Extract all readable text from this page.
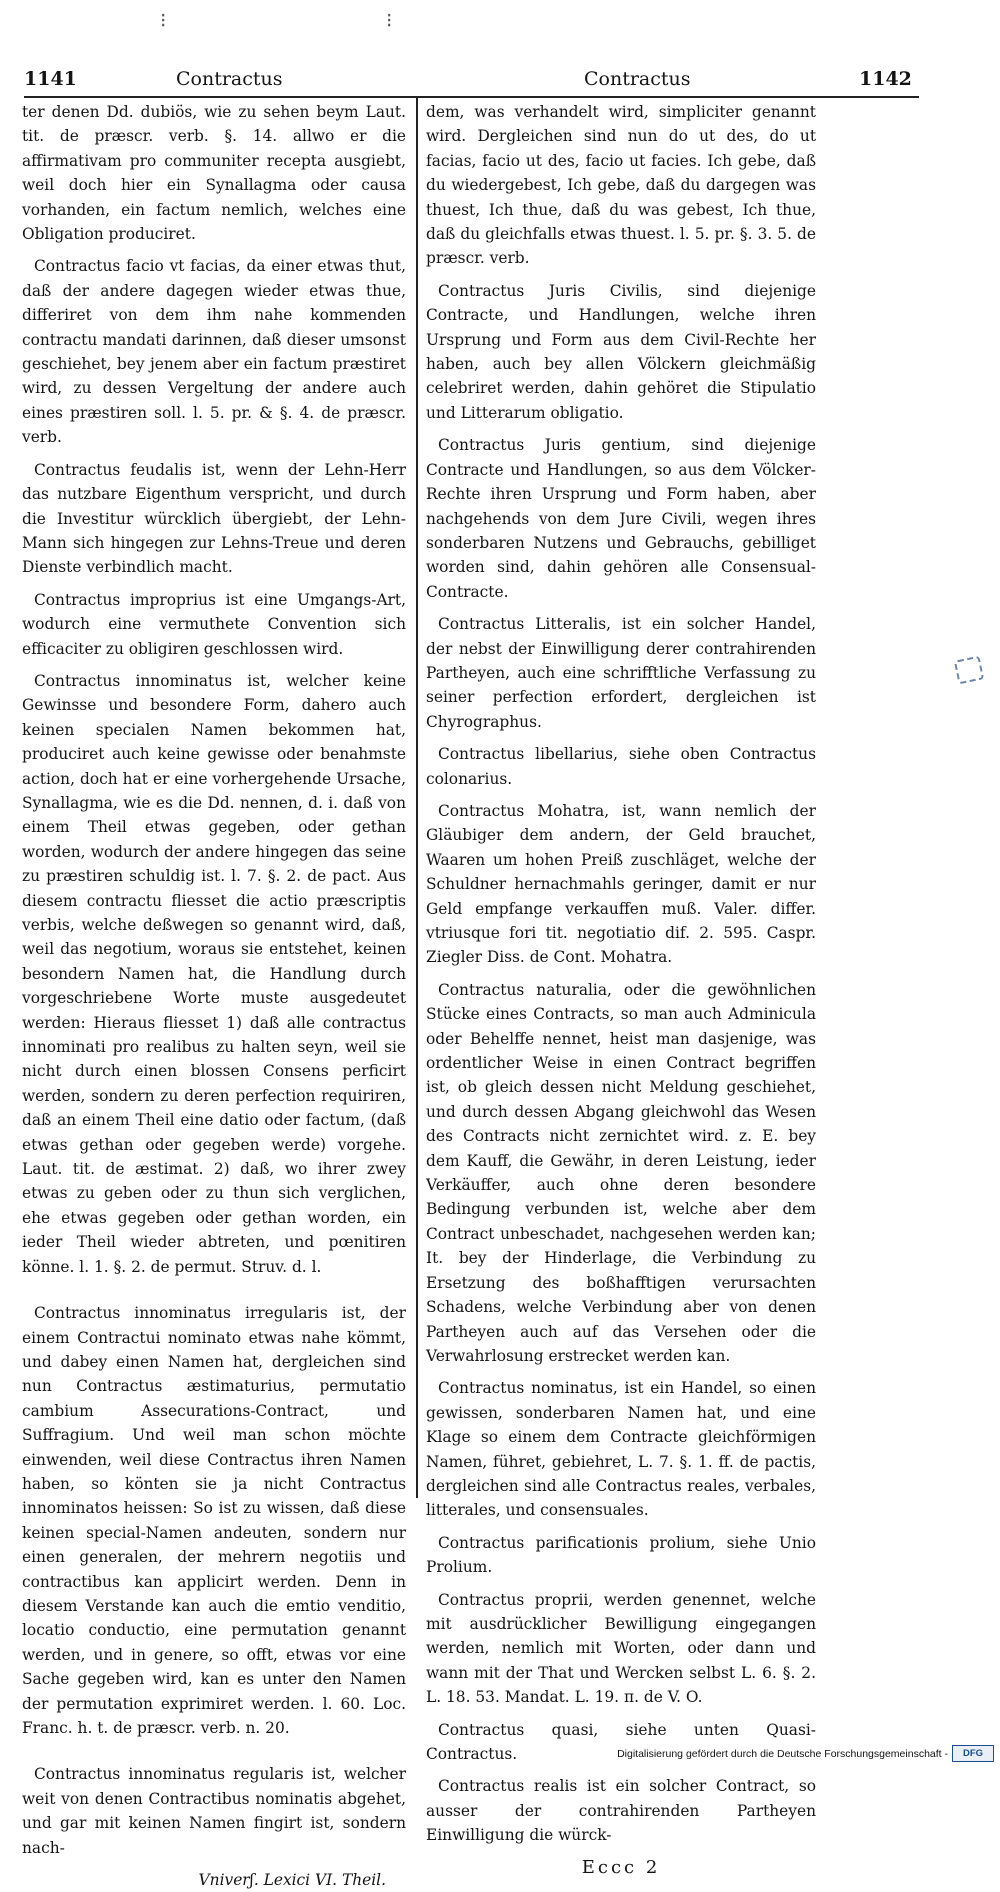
⁝	⁝
1141	Contractus	Contractus	1142

ter denen Dd. dubiös, wie zu sehen beym Laut. tit. de præscr. verb. §. 14. allwo er die affirmativam pro communiter recepta ausgiebt, weil doch hier ein Synallagma oder causa vorhanden, ein factum nemlich, welches eine Obligation produciret.

Contractus facio vt facias, da einer etwas thut, daß der andere dagegen wieder etwas thue, differiret von dem ihm nahe kommenden contractu mandati darinnen, daß dieser umsonst geschiehet, bey jenem aber ein factum præstiret wird, zu dessen Vergeltung der andere auch eines præstiren soll. l. 5. pr. & §. 4. de præscr. verb.

Contractus feudalis ist, wenn der Lehn-Herr das nutzbare Eigenthum verspricht, und durch die Investitur würcklich übergiebt, der Lehn-Mann sich hingegen zur Lehns-Treue und deren Dienste verbindlich macht.

Contractus improprius ist eine Umgangs-Art, wodurch eine vermuthete Convention sich efficaciter zu obligiren geschlossen wird.

Contractus innominatus ist, welcher keine Gewinsse und besondere Form, dahero auch keinen specialen Namen bekommen hat, produciret auch keine gewisse oder benahmste action, doch hat er eine vorhergehende Ursache, Synallagma, wie es die Dd. nennen, d. i. daß von einem Theil etwas gegeben, oder gethan worden, wodurch der andere hingegen das seine zu præstiren schuldig ist. l. 7. §. 2. de pact. Aus diesem contractu fliesset die actio præscriptis verbis, welche deßwegen so genannt wird, daß, weil das negotium, woraus sie entstehet, keinen besondern Namen hat, die Handlung durch vorgeschriebene Worte muste ausgedeutet werden: Hieraus fliesset 1) daß alle contractus innominati pro realibus zu halten seyn, weil sie nicht durch einen blossen Consens perficirt werden, sondern zu deren perfection requiriren, daß an einem Theil eine datio oder factum, (daß etwas gethan oder gegeben werde) vorgehe. Laut. tit. de æstimat. 2) daß, wo ihrer zwey etwas zu geben oder zu thun sich verglichen, ehe etwas gegeben oder gethan worden, ein ieder Theil wieder abtreten, und pœnitiren könne. l. 1. §. 2. de permut. Struv. d. l.

Contractus innominatus irregularis ist, der einem Contractui nominato etwas nahe kömmt, und dabey einen Namen hat, dergleichen sind nun Contractus æstimaturius, permutatio cambium Assecurations-Contract, und Suffragium. Und weil man schon möchte einwenden, weil diese Contractus ihren Namen haben, so könten sie ja nicht Contractus innominatos heissen: So ist zu wissen, daß diese keinen special-Namen andeuten, sondern nur einen generalen, der mehrern negotiis und contractibus kan applicirt werden. Denn in diesem Verstande kan auch die emtio venditio, locatio conductio, eine permutation genannt werden, und in genere, so offt, etwas vor eine Sache gegeben wird, kan es unter den Namen der permutation exprimiret werden. l. 60. Loc. Franc. h. t. de præscr. verb. n. 20.

Contractus innominatus regularis ist, welcher weit von denen Contractibus nominatis abgehet, und gar mit keinen Namen fingirt ist, sondern nach-

Vniverʃ. Lexici VI. Theil.

dem, was verhandelt wird, simpliciter genannt wird. Dergleichen sind nun do ut des, do ut facias, facio ut des, facio ut facies. Ich gebe, daß du wiedergebest, Ich gebe, daß du dargegen was thuest, Ich thue, daß du was gebest, Ich thue, daß du gleichfalls etwas thuest. l. 5. pr. §. 3. 5. de præscr. verb.

Contractus Juris Civilis, sind diejenige Contracte, und Handlungen, welche ihren Ursprung und Form aus dem Civil-Rechte her haben, auch bey allen Völckern gleichmäßig celebriret werden, dahin gehöret die Stipulatio und Litterarum obligatio.

Contractus Juris gentium, sind diejenige Contracte und Handlungen, so aus dem Völcker-Rechte ihren Ursprung und Form haben, aber nachgehends von dem Jure Civili, wegen ihres sonderbaren Nutzens und Gebrauchs, gebilliget worden sind, dahin gehören alle Consensual-Contracte.

Contractus Litteralis, ist ein solcher Handel, der nebst der Einwilligung derer contrahirenden Partheyen, auch eine schrifftliche Verfassung zu seiner perfection erfordert, dergleichen ist Chyrographus.

Contractus libellarius, siehe oben Contractus colonarius.

Contractus Mohatra, ist, wann nemlich der Gläubiger dem andern, der Geld brauchet, Waaren um hohen Preiß zuschläget, welche der Schuldner hernachmahls geringer, damit er nur Geld empfange verkauffen muß. Valer. differ. vtriusque fori tit. negotiatio dif. 2. 595. Caspr. Ziegler Diss. de Cont. Mohatra.

Contractus naturalia, oder die gewöhnlichen Stücke eines Contracts, so man auch Adminicula oder Behelffe nennet, heist man dasjenige, was ordentlicher Weise in einen Contract begriffen ist, ob gleich dessen nicht Meldung geschiehet, und durch dessen Abgang gleichwohl das Wesen des Contracts nicht zernichtet wird. z. E. bey dem Kauff, die Gewähr, in deren Leistung, ieder Verkäuffer, auch ohne deren besondere Bedingung verbunden ist, welche aber dem Contract unbeschadet, nachgesehen werden kan; It. bey der Hinderlage, die Verbindung zu Ersetzung des boßhafftigen verursachten Schadens, welche Verbindung aber von denen Partheyen auch auf das Versehen oder die Verwahrlosung erstrecket werden kan.

Contractus nominatus, ist ein Handel, so einen gewissen, sonderbaren Namen hat, und eine Klage so einem dem Contracte gleichförmigen Namen, führet, gebiehret, L. 7. §. 1. ff. de pactis, dergleichen sind alle Contractus reales, verbales, litterales, und consensuales.

Contractus parificationis prolium, siehe Unio Prolium.

Contractus proprii, werden genennet, welche mit ausdrücklicher Bewilligung eingegangen werden, nemlich mit Worten, oder dann und wann mit der That und Wercken selbst L. 6. §. 2. L. 18. 53. Mandat. L. 19. π. de V. O.

Contractus quasi, siehe unten Quasi-Contractus.

Contractus realis ist ein solcher Contract, so ausser der contrahirenden Partheyen Einwilligung die würck-

Eccc 2
Digitalisierung gefördert durch die Deutsche Forschungsgemeinschaft -	DFG
